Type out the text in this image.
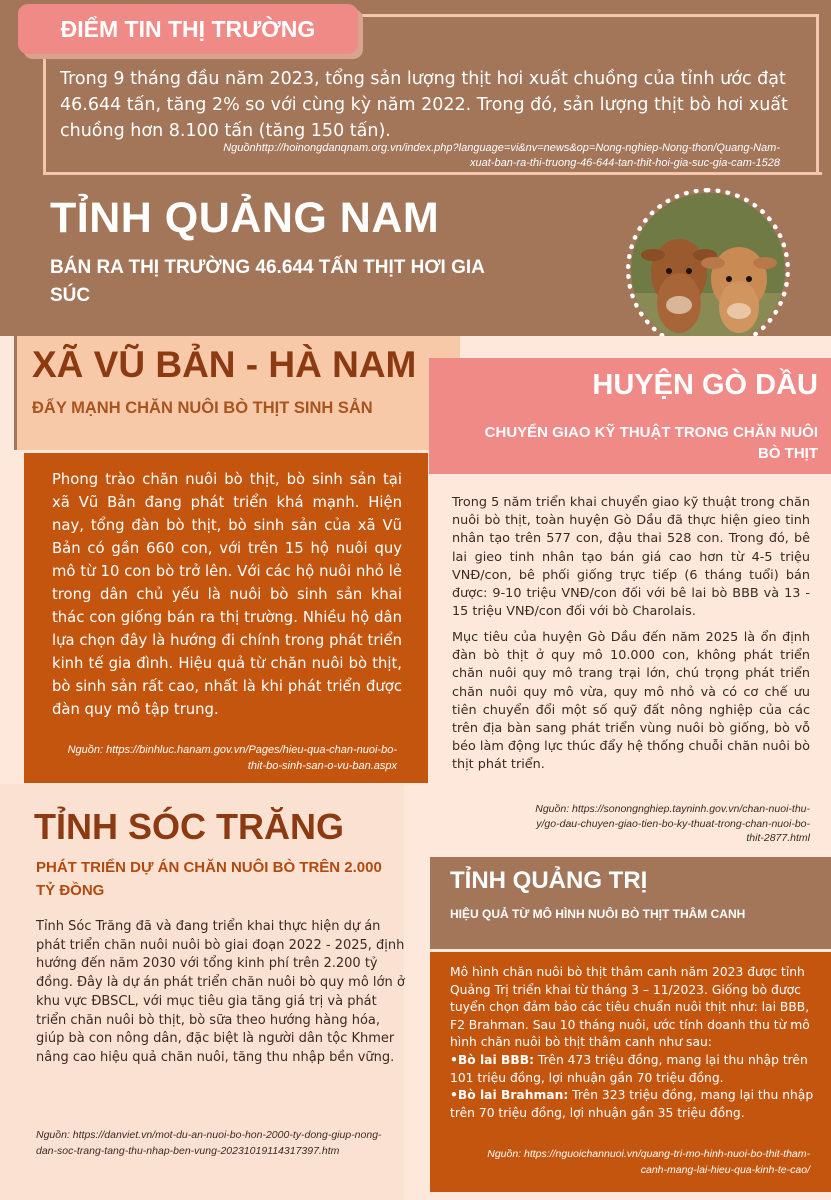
ĐIỂM TIN THỊ TRƯỜNG
Trong 9 tháng đầu năm 2023, tổng sản lượng thịt hơi xuất chuồng của tỉnh ước đạt 46.644 tấn, tăng 2% so với cùng kỳ năm 2022. Trong đó, sản lượng thịt bò hơi xuất chuồng hơn 8.100 tấn (tăng 150 tấn).
Nguồnhttp://hoinongdanqnam.org.vn/index.php?language=vi&nv=news&op=Nong-nghiep-Nong-thon/Quang-Nam-xuat-ban-ra-thi-truong-46-644-tan-thit-hoi-gia-suc-gia-cam-1528
TỈNH QUẢNG NAM
BÁN RA THỊ TRƯỜNG 46.644 TẤN THỊT HƠI GIA SÚC
XÃ VŨ BẢN - HÀ NAM
ĐẨY MẠNH CHĂN NUÔI BÒ THỊT SINH SẢN
Phong trào chăn nuôi bò thịt, bò sinh sản tại xã Vũ Bản đang phát triển khá mạnh. Hiện nay, tổng đàn bò thịt, bò sinh sản của xã Vũ Bản có gần 660 con, với trên 15 hộ nuôi quy mô từ 10 con bò trở lên. Với các hộ nuôi nhỏ lẻ trong dân chủ yếu là nuôi bò sinh sản khai thác con giống bán ra thị trường. Nhiều hộ dân lựa chọn đây là hướng đi chính trong phát triển kinh tế gia đình. Hiệu quả từ chăn nuôi bò thịt, bò sinh sản rất cao, nhất là khi phát triển được đàn quy mô tập trung.
Nguồn: https://binhluc.hanam.gov.vn/Pages/hieu-qua-chan-nuoi-bo-thit-bo-sinh-san-o-vu-ban.aspx
HUYỆN GÒ DẦU
CHUYỂN GIAO KỸ THUẬT TRONG CHĂN NUÔI BÒ THỊT
Trong 5 năm triển khai chuyển giao kỹ thuật trong chăn nuôi bò thịt, toàn huyện Gò Dầu đã thực hiện gieo tinh nhân tạo trên 577 con, đậu thai 528 con. Trong đó, bê lai gieo tinh nhân tạo bán giá cao hơn từ 4-5 triệu VNĐ/con, bê phối giống trực tiếp (6 tháng tuổi) bán được: 9-10 triệu VNĐ/con đối với bê lai bò BBB và 13 - 15 triệu VNĐ/con đối với bò Charolais.
Mục tiêu của huyện Gò Dầu đến năm 2025 là ổn định đàn bò thịt ở quy mô 10.000 con, không phát triển chăn nuôi quy mô trang trại lớn, chú trọng phát triển chăn nuôi quy mô vừa, quy mô nhỏ và có cơ chế ưu tiên chuyển đổi một số quỹ đất nông nghiệp của các trên địa bàn sang phát triển vùng nuôi bò giống, bò vỗ béo làm động lực thúc đẩy hệ thống chuỗi chăn nuôi bò thịt phát triển.
Nguồn: https://sonongnghiep.tayninh.gov.vn/chan-nuoi-thu-y/go-dau-chuyen-giao-tien-bo-ky-thuat-trong-chan-nuoi-bo-thit-2877.html
TỈNH SÓC TRĂNG
PHÁT TRIỂN DỰ ÁN CHĂN NUÔI BÒ TRÊN 2.000 TỶ ĐỒNG
Tỉnh Sóc Trăng đã và đang triển khai thực hiện dự án phát triển chăn nuôi nuôi bò giai đoạn 2022 - 2025, định hướng đến năm 2030 với tổng kinh phí trên 2.200 tỷ đồng. Đây là dự án phát triển chăn nuôi bò quy mô lớn ở khu vực ĐBSCL, với mục tiêu gia tăng giá trị và phát triển chăn nuôi bò thịt, bò sữa theo hướng hàng hóa, giúp bà con nông dân, đặc biệt là người dân tộc Khmer nâng cao hiệu quả chăn nuôi, tăng thu nhập bền vững.
Nguồn: https://danviet.vn/mot-du-an-nuoi-bo-hon-2000-ty-dong-giup-nong-dan-soc-trang-tang-thu-nhap-ben-vung-20231019114317397.htm
TỈNH QUẢNG TRỊ
HIỆU QUẢ TỪ MÔ HÌNH NUÔI BÒ THỊT THÂM CANH
Mô hình chăn nuôi bò thịt thâm canh năm 2023 được tỉnh Quảng Trị triển khai từ tháng 3 – 11/2023. Giống bò được tuyển chọn đảm bảo các tiêu chuẩn nuôi thịt như: lai BBB, F2 Brahman. Sau 10 tháng nuôi, ước tính doanh thu từ mô hình chăn nuôi bò thịt thâm canh như sau:
•Bò lai BBB: Trên 473 triệu đồng, mang lại thu nhập trên 101 triệu đồng, lợi nhuận gần 70 triệu đồng.
•Bò lai Brahman: Trên 323 triệu đồng, mang lại thu nhập trên 70 triệu đồng, lợi nhuận gần 35 triệu đồng.
Nguồn: https://nguoichannuoi.vn/quang-tri-mo-hinh-nuoi-bo-thit-tham-canh-mang-lai-hieu-qua-kinh-te-cao/
